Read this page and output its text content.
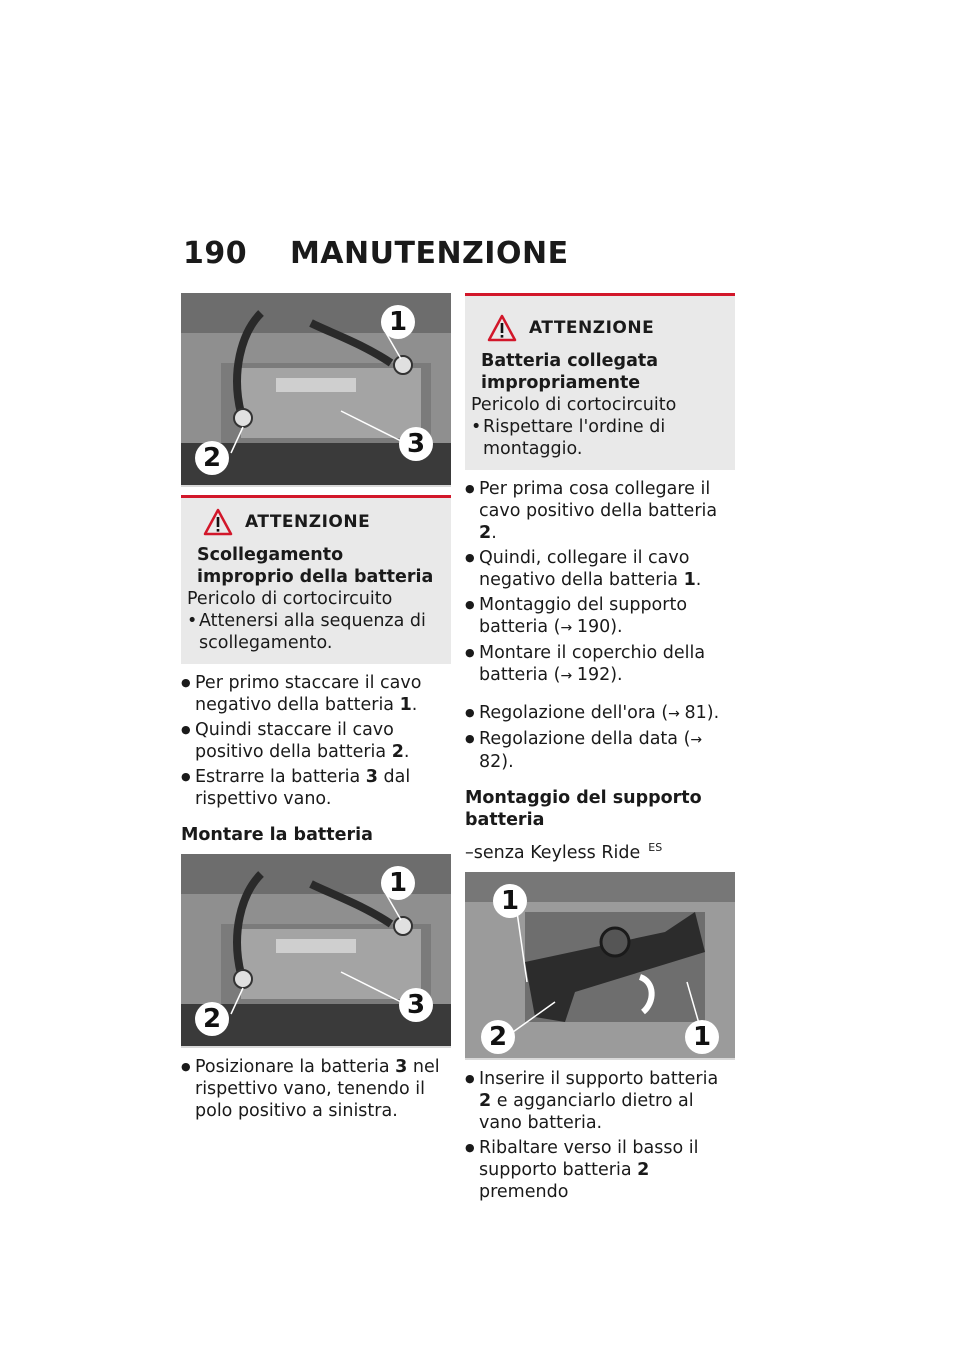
190 MANUTENZIONE
1
2	3
ATTENZIONE
Scollegamento improprio della batteria
Pericolo di cortocircuito
• Attenersi alla sequenza di scollegamento.
● Per primo staccare il cavo negativo della batteria 1.
● Quindi staccare il cavo positivo della batteria 2.
● Estrarre la batteria 3 dal rispettivo vano.
Montare la batteria
1
2	3
● Posizionare la batteria 3 nel rispettivo vano, tenendo il polo positivo a sinistra.
ATTENZIONE
Batteria collegata impropriamente
Pericolo di cortocircuito
• Rispettare l'ordine di montaggio.
● Per prima cosa collegare il cavo positivo della batteria 2.
● Quindi, collegare il cavo negativo della batteria 1.
● Montaggio del supporto batteria (→ 190).
● Montare il coperchio della batteria (→ 192).
● Regolazione dell'ora (→ 81).
● Regolazione della data (→ 82).
Montaggio del supporto batteria
–senza Keyless Ride $^{ES}$
1
2	1
● Inserire il supporto batteria 2 e agganciarlo dietro al vano batteria.
● Ribaltare verso il basso il supporto batteria 2 premendo
